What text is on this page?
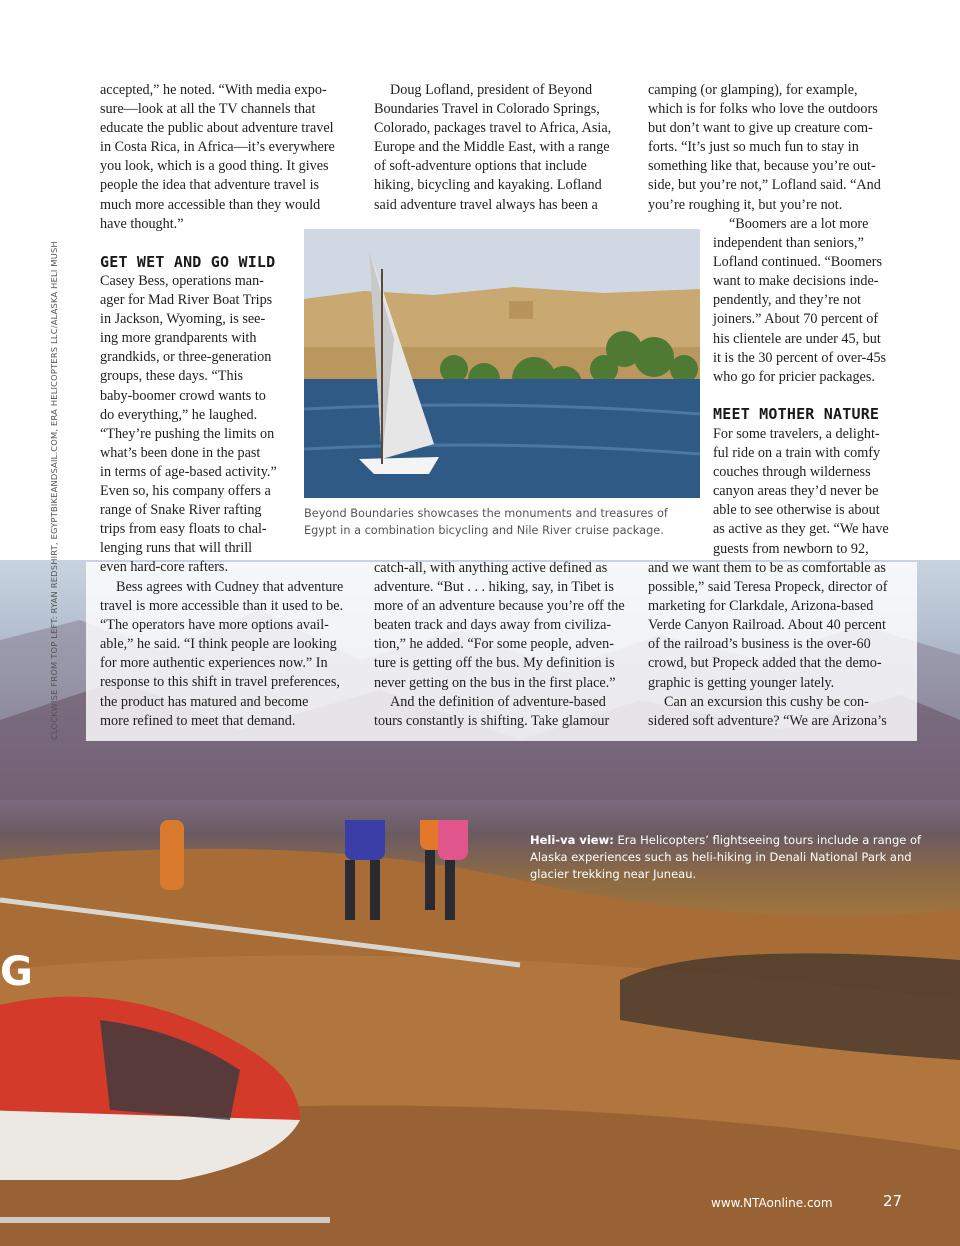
G
Beyond Boundaries showcases the monuments and treasures of Egypt in a combination bicycling and Nile River cruise package.
CLOCKWISE FROM TOP LEFT: RYAN REDSHIRT, EGYPTBIKEANDSAIL.COM, ERA HELICOPTERS LLC/ALASKA HELI MUSH

accepted,” he noted. “With media expo-

sure—look at all the TV channels that

educate the public about adventure travel

in Costa Rica, in Africa—it’s everywhere

you look, which is a good thing. It gives

people the idea that adventure travel is

much more accessible than they would

have thought.”

GET WET AND GO WILD

Casey Bess, operations man-

ager for Mad River Boat Trips

in Jackson, Wyoming, is see-

ing more grandparents with

grandkids, or three-generation

groups, these days. “This

baby-boomer crowd wants to

do everything,” he laughed.

“They’re pushing the limits on

what’s been done in the past

in terms of age-based activity.”

Even so, his company offers a

range of Snake River rafting

trips from easy floats to chal-

lenging runs that will thrill

even hard-core rafters.

Bess agrees with Cudney that adventure

travel is more accessible than it used to be.

“The operators have more options avail-

able,” he said. “I think people are looking

for more authentic experiences now.” In

response to this shift in travel preferences,

the product has matured and become

more refined to meet that demand.

Doug Lofland, president of Beyond

Boundaries Travel in Colorado Springs,

Colorado, packages travel to Africa, Asia,

Europe and the Middle East, with a range

of soft-adventure options that include

hiking, bicycling and kayaking. Lofland

said adventure travel always has been a

catch-all, with anything active defined as

adventure. “But . . . hiking, say, in Tibet is

more of an adventure because you’re off the

beaten track and days away from civiliza-

tion,” he added. “For some people, adven-

ture is getting off the bus. My definition is

never getting on the bus in the first place.”

And the definition of adventure-based

tours constantly is shifting. Take glamour

camping (or glamping), for example,

which is for folks who love the outdoors

but don’t want to give up creature com-

forts. “It’s just so much fun to stay in

something like that, because you’re out-

side, but you’re not,” Lofland said. “And

you’re roughing it, but you’re not.

“Boomers are a lot more

independent than seniors,”

Lofland continued. “Boomers

want to make decisions inde-

pendently, and they’re not

joiners.” About 70 percent of

his clientele are under 45, but

it is the 30 percent of over-45s

who go for pricier packages.

MEET MOTHER NATURE

For some travelers, a delight-

ful ride on a train with comfy

couches through wilderness

canyon areas they’d never be

able to see otherwise is about

as active as they get. “We have

guests from newborn to 92,

and we want them to be as comfortable as

possible,” said Teresa Propeck, director of

marketing for Clarkdale, Arizona-based

Verde Canyon Railroad. About 40 percent

of the railroad’s business is the over-60

crowd, but Propeck added that the demo-

graphic is getting younger lately.

Can an excursion this cushy be con-

sidered soft adventure? “We are Arizona’s

Heli-va view: Era Helicopters’ flightseeing tours include a range of Alaska experiences such as heli-hiking in Denali National Park and glacier trekking near Juneau.
www.NTAonline.com	27
